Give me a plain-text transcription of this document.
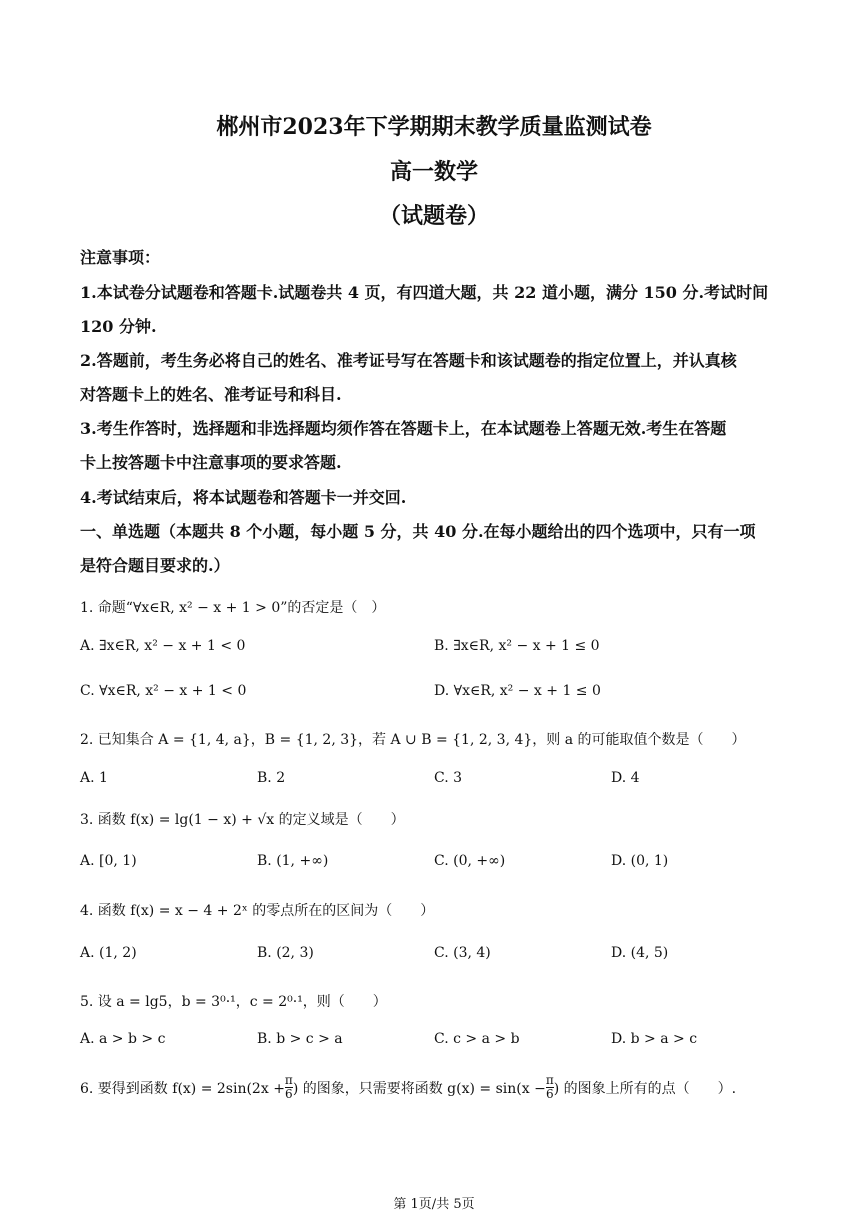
郴州市2023年下学期期末教学质量监测试卷
高一数学
（试题卷）
注意事项：
1.本试卷分试题卷和答题卡.试题卷共 4 页，有四道大题，共 22 道小题，满分 150 分.考试时间
120 分钟.
2.答题前，考生务必将自己的姓名、准考证号写在答题卡和该试题卷的指定位置上，并认真核
对答题卡上的姓名、准考证号和科目.
3.考生作答时，选择题和非选择题均须作答在答题卡上，在本试题卷上答题无效.考生在答题
卡上按答题卡中注意事项的要求答题.
4.考试结束后，将本试题卷和答题卡一并交回.
一、单选题（本题共 8 个小题，每小题 5 分，共 40 分.在每小题给出的四个选项中，只有一项
是符合题目要求的.）
1. 命题“∀x∈R, x² − x + 1 > 0”的否定是（　）
A. ∃x∈R, x² − x + 1 < 0	B. ∃x∈R, x² − x + 1 ≤ 0
C. ∀x∈R, x² − x + 1 < 0	D. ∀x∈R, x² − x + 1 ≤ 0
2. 已知集合 A = {1, 4, a}，B = {1, 2, 3}，若 A ∪ B = {1, 2, 3, 4}，则 a 的可能取值个数是（　　）
A. 1	B. 2	C. 3	D. 4
3. 函数 f(x) = lg(1 − x) + √x 的定义域是（　　）
A. [0, 1)	B. (1, +∞)	C. (0, +∞)	D. (0, 1)
4. 函数 f(x) = x − 4 + 2ˣ 的零点所在的区间为（　　）
A. (1, 2)	B. (2, 3)	C. (3, 4)	D. (4, 5)
5. 设 a = lg5，b = 3⁰·¹，c = 2⁰·¹，则（　　）
A. a > b > c	B. b > c > a	C. c > a > b	D. b > a > c
6. 要得到函数 $f(x) = 2\sin(2x + \frac{\pi}{6}$ ) 的图象，只需要将函数 $g(x) = \sin(x - \frac{\pi}{6}$ ) 的图象上所有的点（　　）.
第 1页/共 5页
